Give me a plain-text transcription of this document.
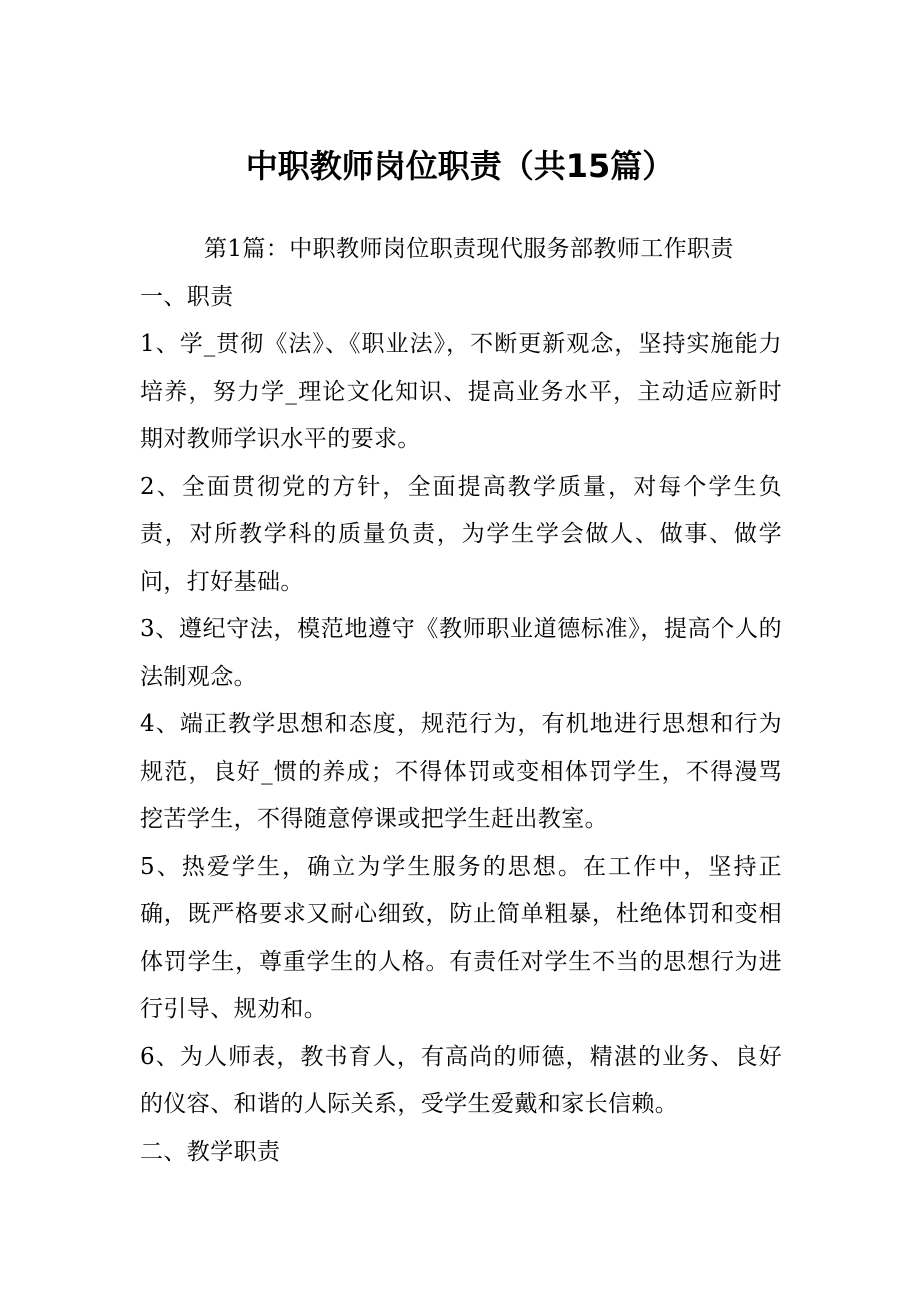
中职教师岗位职责（共15篇）

第1篇：中职教师岗位职责现代服务部教师工作职责

一、职责

1、学_贯彻《法》、《职业法》，不断更新观念，坚持实施能力培养，努力学_理论文化知识、提高业务水平，主动适应新时期对教师学识水平的要求。

2、全面贯彻党的方针，全面提高教学质量，对每个学生负责，对所教学科的质量负责，为学生学会做人、做事、做学问，打好基础。

3、遵纪守法，模范地遵守《教师职业道德标准》，提高个人的法制观念。

4、端正教学思想和态度，规范行为，有机地进行思想和行为规范，良好_惯的养成；不得体罚或变相体罚学生，不得漫骂挖苦学生，不得随意停课或把学生赶出教室。

5、热爱学生，确立为学生服务的思想。在工作中，坚持正确，既严格要求又耐心细致，防止简单粗暴，杜绝体罚和变相体罚学生，尊重学生的人格。有责任对学生不当的思想行为进行引导、规劝和。

6、为人师表，教书育人，有高尚的师德，精湛的业务、良好的仪容、和谐的人际关系，受学生爱戴和家长信赖。

二、教学职责
